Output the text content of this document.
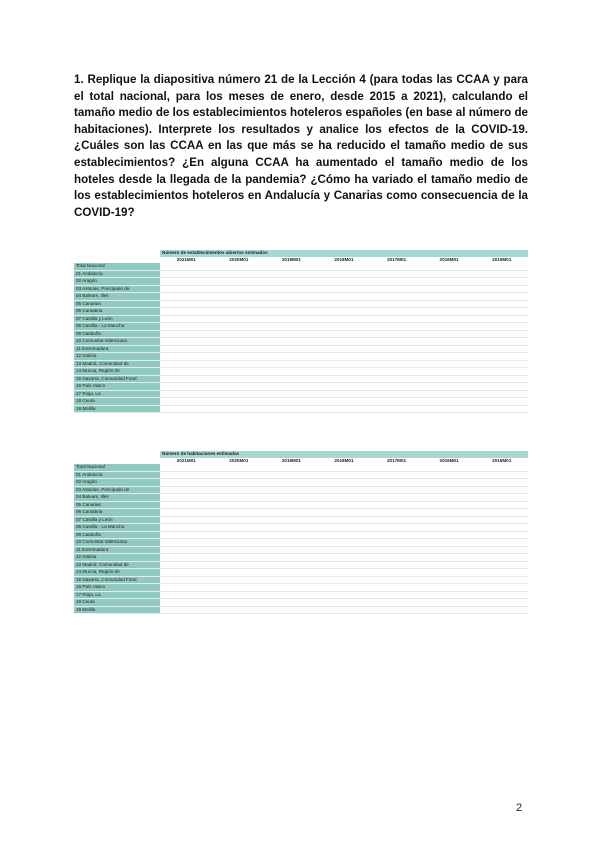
1. Replique la diapositiva número 21 de la Lección 4 (para todas las CCAA y para el total nacional, para los meses de enero, desde 2015 a 2021), calculando el tamaño medio de los establecimientos hoteleros españoles (en base al número de habitaciones). Interprete los resultados y analice los efectos de la COVID-19. ¿Cuáles son las CCAA en las que más se ha reducido el tamaño medio de sus establecimientos? ¿En alguna CCAA ha aumentado el tamaño medio de los hoteles desde la llegada de la pandemia? ¿Cómo ha variado el tamaño medio de los establecimientos hoteleros en Andalucía y Canarias como consecuencia de la COVID-19?

	Número de establecimientos abiertos estimados						
	2021M01	2020M01	2019M01	2018M01	2017M01	2016M01	2015M01
Total Nacional							
01 Andalucía							
02 Aragón							
03 Asturias, Principado de							
04 Balears, Illes							
05 Canarias							
06 Cantabria							
07 Castilla y León							
08 Castilla - La Mancha							
09 Cataluña							
10 Comunitat Valenciana							
11 Extremadura							
12 Galicia							
13 Madrid, Comunidad de							
14 Murcia, Región de							
15 Navarra, Comunidad Foral							
16 País Vasco							
17 Rioja, La							
18 Ceuta							
19 Melilla							
	Número de habitaciones estimadas						
	2021M01	2020M01	2019M01	2018M01	2017M01	2016M01	2015M01
Total Nacional							
01 Andalucía							
02 Aragón							
03 Asturias, Principado de							
04 Balears, Illes							
05 Canarias							
06 Cantabria							
07 Castilla y León							
08 Castilla - La Mancha							
09 Cataluña							
10 Comunitat Valenciana							
11 Extremadura							
12 Galicia							
13 Madrid, Comunidad de							
14 Murcia, Región de							
15 Navarra, Comunidad Foral							
16 País Vasco							
17 Rioja, La							
18 Ceuta							
19 Melilla							
2
